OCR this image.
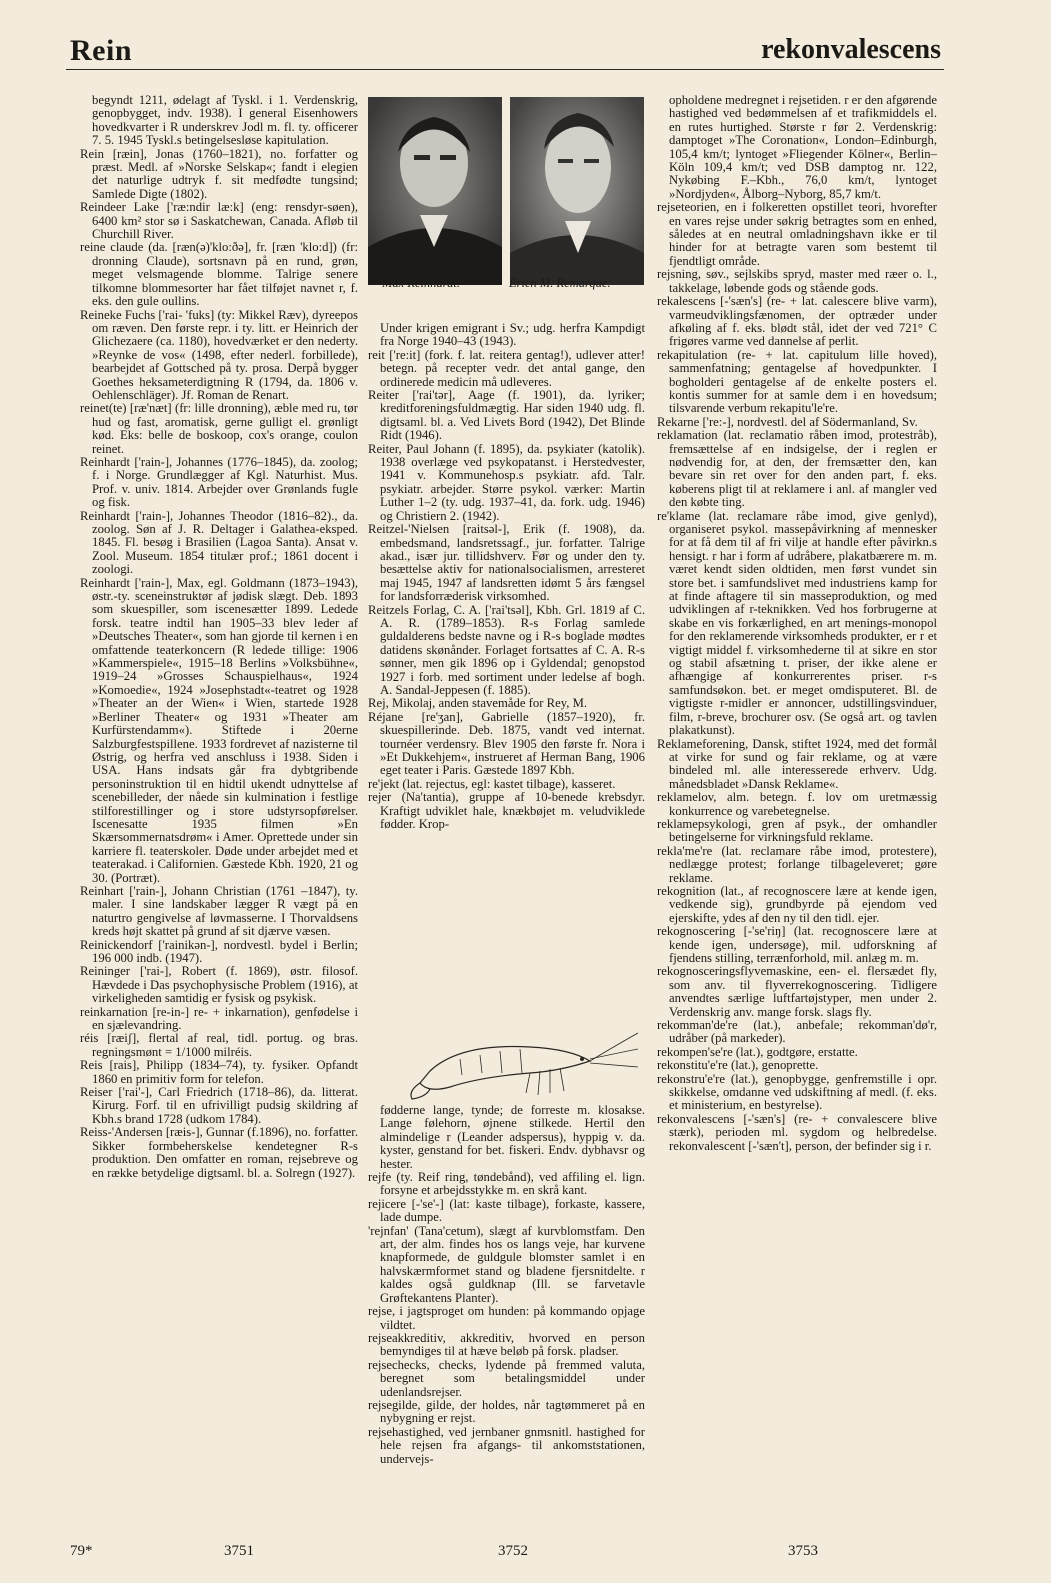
Rein	rekonvalescens

begyndt 1211, ødelagt af Tyskl. i 1. Verdenskrig, genopbygget, indv. 1938). I general Eisenhowers hovedkvarter i R underskrev Jodl m. fl. ty. officerer 7. 5. 1945 Tyskl.s betingelsesløse kapitulation.

Rein [ræin], Jonas (1760–1821), no. forfatter og præst. Medl. af »Norske Selskap«; fandt i elegien det naturlige udtryk f. sit medfødte tungsind; Samlede Digte (1802).

Reindeer Lake ['ræ:ndir læ:k] (eng: rensdyr-søen), 6400 km² stor sø i Saskatchewan, Canada. Afløb til Churchill River.

reine claude (da. [ræn(ə)'klo:ðə], fr. [ræn 'klo:d]) (fr: dronning Claude), sortsnavn på en rund, grøn, meget velsmagende blomme. Talrige senere tilkomne blommesorter har fået tilføjet navnet r, f. eks. den gule oullins.

Reineke Fuchs ['rai- 'fuks] (ty: Mikkel Ræv), dyreepos om ræven. Den første repr. i ty. litt. er Heinrich der Glichezaere (ca. 1180), hovedværket er den nederty. »Reynke de vos« (1498, efter nederl. forbillede), bearbejdet af Gottsched på ty. prosa. Derpå bygger Goethes heksameterdigtning R (1794, da. 1806 v. Oehlenschläger). Jf. Roman de Renart.

reinet(te) [ræ'næt] (fr: lille dronning), æble med ru, tør hud og fast, aromatisk, gerne gulligt el. grønligt kød. Eks: belle de boskoop, cox's orange, coulon reinet.

Reinhardt ['rain-], Johannes (1776–1845), da. zoolog; f. i Norge. Grundlægger af Kgl. Naturhist. Mus. Prof. v. univ. 1814. Arbejder over Grønlands fugle og fisk.

Reinhardt ['rain-], Johannes Theodor (1816–82)., da. zoolog. Søn af J. R. Deltager i Galathea-eksped. 1845. Fl. besøg i Brasilien (Lagoa Santa). Ansat v. Zool. Museum. 1854 titulær prof.; 1861 docent i zoologi.

Reinhardt ['rain-], Max, egl. Goldmann (1873–1943), østr.-ty. sceneinstruktør af jødisk slægt. Deb. 1893 som skuespiller, som iscenesætter 1899. Ledede forsk. teatre indtil han 1905–33 blev leder af »Deutsches Theater«, som han gjorde til kernen i en omfattende teaterkoncern (R ledede tillige: 1906 »Kammerspiele«, 1915–18 Berlins »Volksbühne«, 1919–24 »Grosses Schauspielhaus«, 1924 »Komoedie«, 1924 »Josephstadt«-teatret og 1928 »Theater an der Wien« i Wien, startede 1928 »Berliner Theater« og 1931 »Theater am Kurfürstendamm«). Stiftede i 20erne Salzburgfestspillene. 1933 fordrevet af nazisterne til Østrig, og herfra ved anschluss i 1938. Siden i USA. Hans indsats går fra dybtgribende personinstruktion til en hidtil ukendt udnyttelse af scenebilleder, der nåede sin kulmination i festlige stilforestillinger og i store udstyrsopførelser. Iscenesatte 1935 filmen »En Skærsommernatsdrøm« i Amer. Oprettede under sin karriere fl. teaterskoler. Døde under arbejdet med et teaterakad. i Californien. Gæstede Kbh. 1920, 21 og 30. (Portræt).

Reinhart ['rain-], Johann Christian (1761 –1847), ty. maler. I sine landskaber lægger R vægt på en naturtro gengivelse af løvmasserne. I Thorvaldsens kreds højt skattet på grund af sit djærve væsen.

Reinickendorf ['rainikən-], nordvestl. bydel i Berlin; 196 000 indb. (1947).

Reininger ['rai-], Robert (f. 1869), østr. filosof. Hævdede i Das psychophysische Problem (1916), at virkeligheden samtidig er fysisk og psykisk.

reinkarnation [re-in-] re- + inkarnation), genfødelse i en sjælevandring.

réis [ræiʃ], flertal af real, tidl. portug. og bras. regningsmønt = 1/1000 milréis.

Reis [rais], Philipp (1834–74), ty. fysiker. Opfandt 1860 en primitiv form for telefon.

Reiser ['rai'-], Carl Friedrich (1718–86), da. litterat. Kirurg. Forf. til en ufrivilligt pudsig skildring af Kbh.s brand 1728 (udkom 1784).

Reiss-'Andersen [ræis-], Gunnar (f.1896), no. forfatter. Sikker formbeherskelse kendetegner R-s produktion. Den omfatter en roman, rejsebreve og en række betydelige digtsaml. bl. a. Solregn (1927).

Max Reinhardt.	Erich M. Remarque.

Under krigen emigrant i Sv.; udg. herfra Kampdigt fra Norge 1940–43 (1943).

reit ['re:it] (fork. f. lat. reitera gentag!), udlever atter! betegn. på recepter vedr. det antal gange, den ordinerede medicin må udleveres.

Reiter ['rai'tər], Aage (f. 1901), da. lyriker; kreditforeningsfuldmægtig. Har siden 1940 udg. fl. digtsaml. bl. a. Ved Livets Bord (1942), Det Blinde Ridt (1946).

Reiter, Paul Johann (f. 1895), da. psykiater (katolik). 1938 overlæge ved psykopatanst. i Herstedvester, 1941 v. Kommunehosp.s psykiatr. afd. Talr. psykiatr. arbejder. Større psykol. værker: Martin Luther 1–2 (ty. udg. 1937–41, da. fork. udg. 1946) og Christiern 2. (1942).

Reitzel-'Nielsen [raitsəl-], Erik (f. 1908), da. embedsmand, landsretssagf., jur. forfatter. Talrige akad., især jur. tillidshverv. Før og under den ty. besættelse aktiv for nationalsocialismen, arresteret maj 1945, 1947 af landsretten idømt 5 års fængsel for landsforræderisk virksomhed.

Reitzels Forlag, C. A. ['rai'tsəl], Kbh. Grl. 1819 af C. A. R. (1789–1853). R-s Forlag samlede guldalderens bedste navne og i R-s boglade mødtes datidens skønånder. Forlaget fortsattes af C. A. R-s sønner, men gik 1896 op i Gyldendal; genopstod 1927 i forb. med sortiment under ledelse af bogh. A. Sandal-Jeppesen (f. 1885).

Rej, Mikolaj, anden stavemåde for Rey, M.

Réjane [re'ʒan], Gabrielle (1857–1920), fr. skuespillerinde. Deb. 1875, vandt ved internat. tournéer verdensry. Blev 1905 den første fr. Nora i »Et Dukkehjem«, instrueret af Herman Bang, 1906 eget teater i Paris. Gæstede 1897 Kbh.

re'jekt (lat. rejectus, egl: kastet tilbage), kasseret.

rejer (Na'tantia), gruppe af 10-benede krebsdyr. Kraftigt udviklet hale, knækbøjet m. veludviklede fødder. Krop-

fødderne lange, tynde; de forreste m. klosakse. Lange følehorn, øjnene stilkede. Hertil den almindelige r (Leander adspersus), hyppig v. da. kyster, genstand for bet. fiskeri. Endv. dybhavsr og hester.

rejfe (ty. Reif ring, tøndebånd), ved affiling el. lign. forsyne et arbejdsstykke m. en skrå kant.

rejicere [-'se'-] (lat: kaste tilbage), forkaste, kassere, lade dumpe.

'rejnfan' (Tana'cetum), slægt af kurvblomstfam. Den art, der alm. findes hos os langs veje, har kurvene knapformede, de guldgule blomster samlet i en halvskærmformet stand og bladene fjersnitdelte. r kaldes også guldknap (Ill. se farvetavle Grøftekantens Planter).

rejse, i jagtsproget om hunden: på kommando opjage vildtet.

rejseakkreditiv, akkreditiv, hvorved en person bemyndiges til at hæve beløb på forsk. pladser.

rejsechecks, checks, lydende på fremmed valuta, beregnet som betalingsmiddel under udenlandsrejser.

rejsegilde, gilde, der holdes, når tagtømmeret på en nybygning er rejst.

rejsehastighed, ved jernbaner gnmsnitl. hastighed for hele rejsen fra afgangs- til ankomststationen, undervejs-

opholdene medregnet i rejsetiden. r er den afgørende hastighed ved bedømmelsen af et trafikmiddels el. en rutes hurtighed. Største r før 2. Verdenskrig: damptoget »The Coronation«, London–Edinburgh, 105,4 km/t; lyntoget »Fliegender Kölner«, Berlin–Köln 109,4 km/t; ved DSB damptog nr. 122, Nykøbing F.–Kbh., 76,0 km/t, lyntoget »Nordjyden«, Ålborg–Nyborg, 85,7 km/t.

rejseteorien, en i folkeretten opstillet teori, hvorefter en vares rejse under søkrig betragtes som en enhed, således at en neutral omladningshavn ikke er til hinder for at betragte varen som bestemt til fjendtligt område.

rejsning, søv., sejlskibs spryd, master med ræer o. l., takkelage, løbende gods og stående gods.

rekalescens [-'sæn's] (re- + lat. calescere blive varm), varmeudviklingsfænomen, der optræder under afkøling af f. eks. blødt stål, idet der ved 721° C frigøres varme ved dannelse af perlit.

rekapitulation (re- + lat. capitulum lille hoved), sammenfatning; gentagelse af hovedpunkter. I bogholderi gentagelse af de enkelte posters el. kontis summer for at samle dem i en hovedsum; tilsvarende verbum rekapitu'le're.

Rekarne ['re:-], nordvestl. del af Södermanland, Sv.

reklamation (lat. reclamatio råben imod, protestråb), fremsættelse af en indsigelse, der i reglen er nødvendig for, at den, der fremsætter den, kan bevare sin ret over for den anden part, f. eks. køberens pligt til at reklamere i anl. af mangler ved den købte ting.

re'klame (lat. reclamare råbe imod, give genlyd), organiseret psykol. massepåvirkning af mennesker for at få dem til af fri vilje at handle efter påvirkn.s hensigt. r har i form af udråbere, plakatbærere m. m. været kendt siden oldtiden, men først vundet sin store bet. i samfundslivet med industriens kamp for at finde aftagere til sin masseproduktion, og med udviklingen af r-teknikken. Ved hos forbrugerne at skabe en vis forkærlighed, en art menings-monopol for den reklamerende virksomheds produkter, er r et vigtigt middel f. virksomhederne til at sikre en stor og stabil afsætning t. priser, der ikke alene er afhængige af konkurrerentes priser. r-s samfundsøkon. bet. er meget omdisputeret. Bl. de vigtigste r-midler er annoncer, udstillingsvinduer, film, r-breve, brochurer osv. (Se også art. og tavlen plakatkunst).

Reklameforening, Dansk, stiftet 1924, med det formål at virke for sund og fair reklame, og at være bindeled ml. alle interesserede erhverv. Udg. månedsbladet »Dansk Reklame«.

reklamelov, alm. betegn. f. lov om uretmæssig konkurrence og varebetegnelse.

reklamepsykologi, gren af psyk., der omhandler betingelserne for virkningsfuld reklame.

rekla'me're (lat. reclamare råbe imod, protestere), nedlægge protest; forlange tilbageleveret; gøre reklame.

rekognition (lat., af recognoscere lære at kende igen, vedkende sig), grundbyrde på ejendom ved ejerskifte, ydes af den ny til den tidl. ejer.

rekognoscering [-'se'riŋ] (lat. recognoscere lære at kende igen, undersøge), mil. udforskning af fjendens stilling, terrænforhold, mil. anlæg m. m.

rekognosceringsflyvemaskine, een- el. flersædet fly, som anv. til flyverrekognoscering. Tidligere anvendtes særlige luftfartøjstyper, men under 2. Verdenskrig anv. mange forsk. slags fly.

rekomman'de're (lat.), anbefale; rekomman'dø'r, udråber (på markeder).

rekompen'se're (lat.), godtgøre, erstatte.

rekonstitu'e're (lat.), genoprette.

rekonstru'e're (lat.), genopbygge, genfremstille i opr. skikkelse, omdanne ved udskiftning af medl. (f. eks. et ministerium, en bestyrelse).

rekonvalescens [-'sæn's] (re- + convalescere blive stærk), perioden ml. sygdom og helbredelse. rekonvalescent [-'sæn't], person, der befinder sig i r.

79*	3751	3752	3753
